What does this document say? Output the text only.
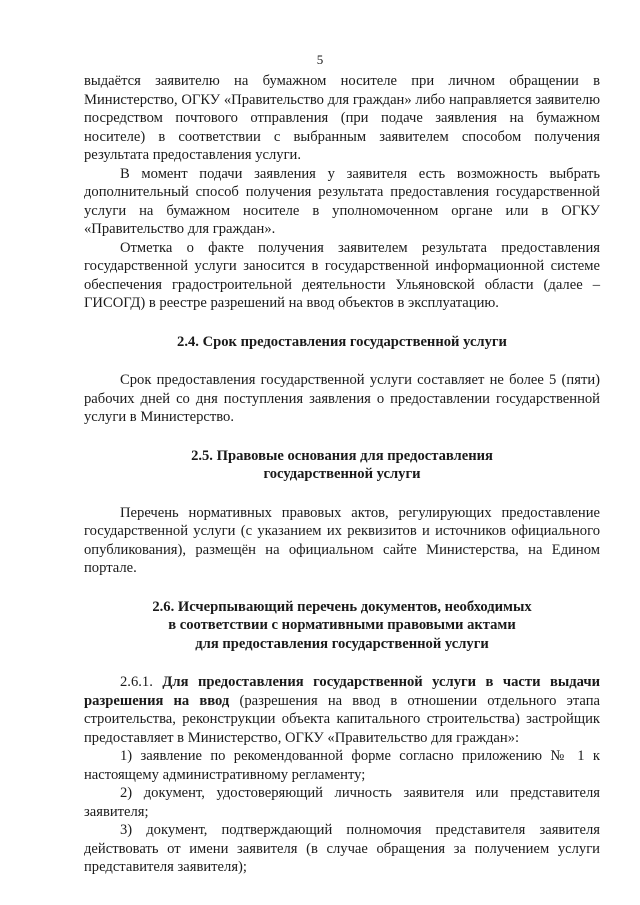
5

выдаётся заявителю на бумажном носителе при личном обращении в Министерство, ОГКУ «Правительство для граждан» либо направляется заявителю посредством почтового отправления (при подаче заявления на бумажном носителе) в соответствии с выбранным заявителем способом получения результата предоставления услуги.

В момент подачи заявления у заявителя есть возможность выбрать дополнительный способ получения результата предоставления государственной услуги на бумажном носителе в уполномоченном органе или в ОГКУ «Правительство для граждан».

Отметка о факте получения заявителем результата предоставления государственной услуги заносится в государственной информационной системе обеспечения градостроительной деятельности Ульяновской области (далее – ГИСОГД) в реестре разрешений на ввод объектов в эксплуатацию.

2.4. Срок предоставления государственной услуги

Срок предоставления государственной услуги составляет не более 5 (пяти) рабочих дней со дня поступления заявления о предоставлении государственной услуги в Министерство.

2.5. Правовые основания для предоставления
государственной услуги

Перечень нормативных правовых актов, регулирующих предоставление государственной услуги (с указанием их реквизитов и источников официального опубликования), размещён на официальном сайте Министерства, на Едином портале.

2.6. Исчерпывающий перечень документов, необходимых
в соответствии с нормативными правовыми актами
для предоставления государственной услуги

2.6.1. Для предоставления государственной услуги в части выдачи разрешения на ввод (разрешения на ввод в отношении отдельного этапа строительства, реконструкции объекта капитального строительства) застройщик предоставляет в Министерство, ОГКУ «Правительство для граждан»:

1) заявление по рекомендованной форме согласно приложению № 1 к настоящему административному регламенту;

2) документ, удостоверяющий личность заявителя или представителя заявителя;

3) документ, подтверждающий полномочия представителя заявителя действовать от имени заявителя (в случае обращения за получением услуги представителя заявителя);
